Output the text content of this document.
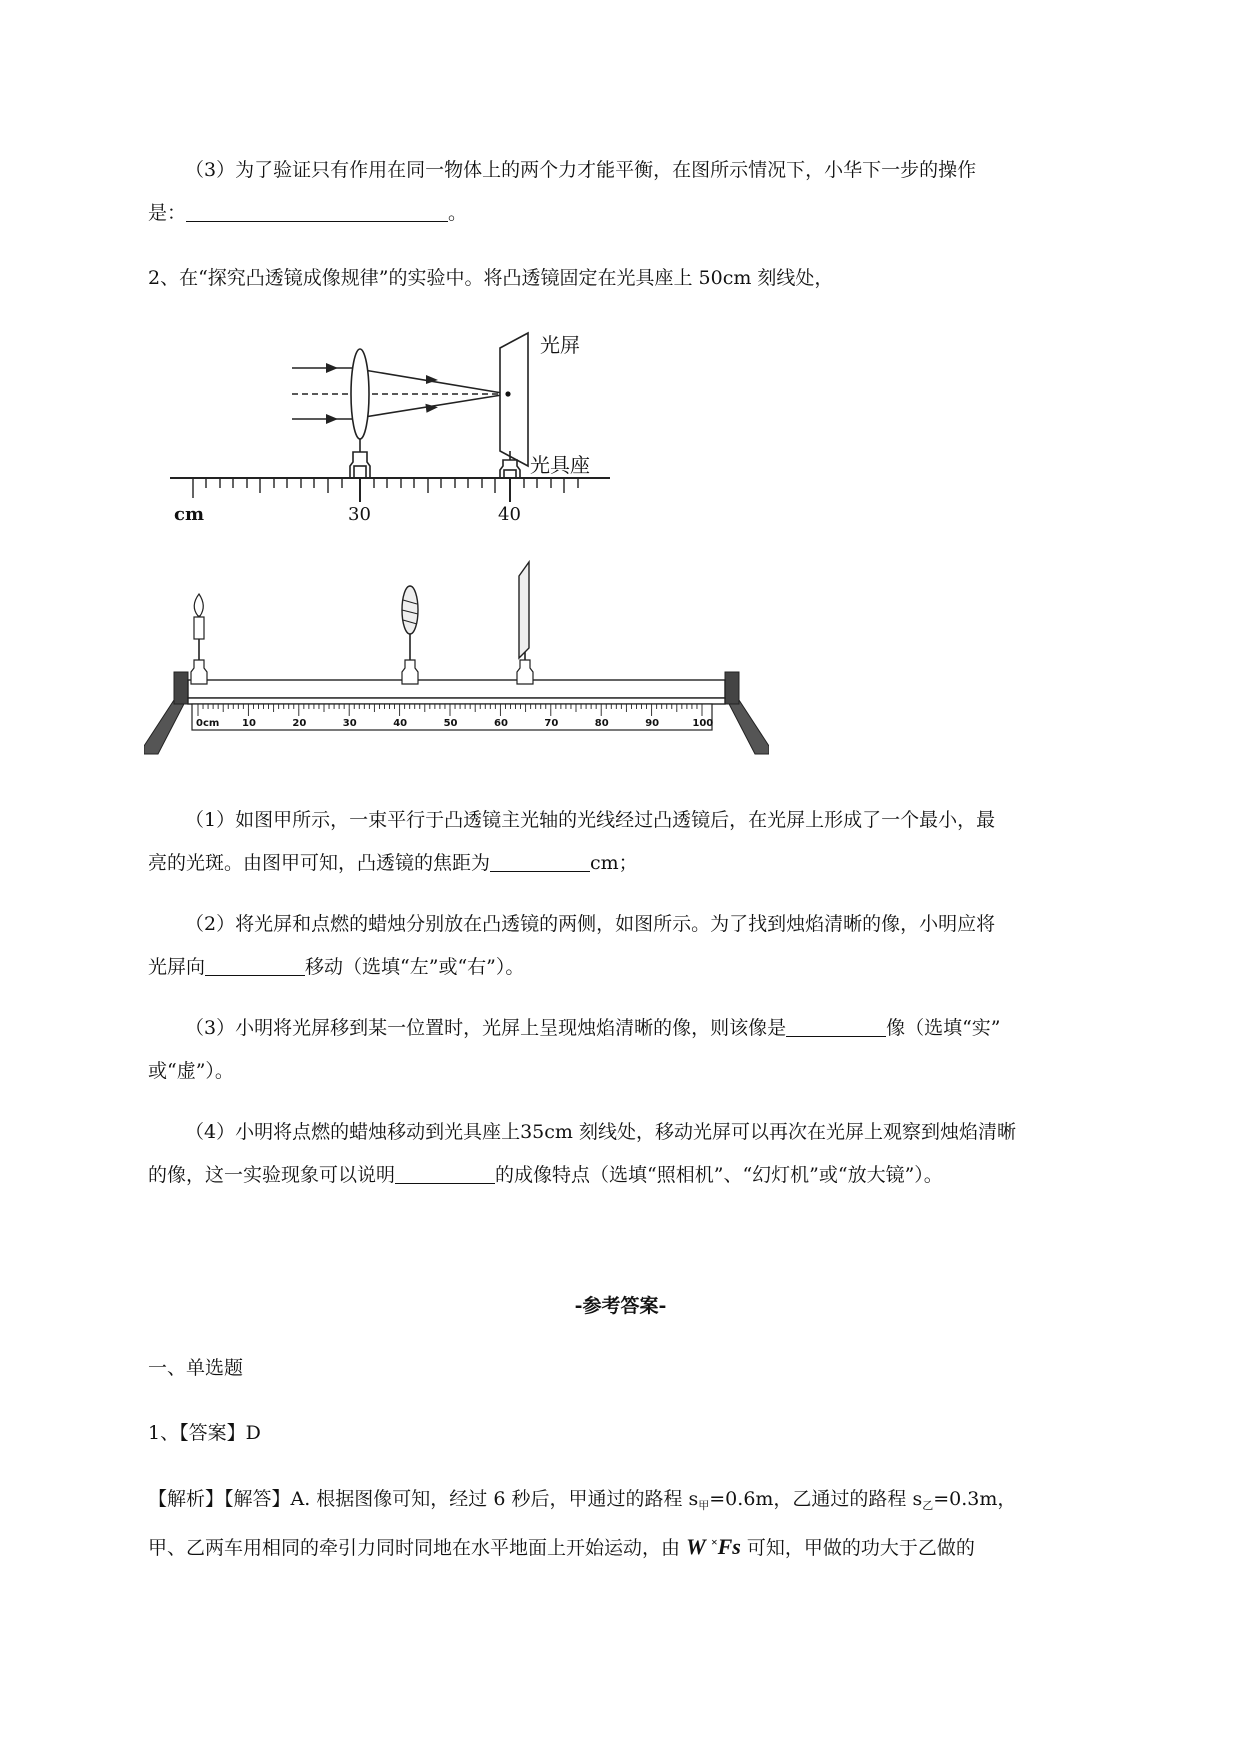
（3）为了验证只有作用在同一物体上的两个力才能平衡，在图所示情况下，小华下一步的操作
是：	。
2、在“探究凸透镜成像规律”的实验中。将凸透镜固定在光具座上 50cm 刻线处，
光屏
光具座
cm	30	40
0cm 10	20	30	40	50	60	70	80	90	100
（1）如图甲所示，一束平行于凸透镜主光轴的光线经过凸透镜后，在光屏上形成了一个最小，最
亮的光斑。由图甲可知，凸透镜的焦距为	cm；
（2）将光屏和点燃的蜡烛分别放在凸透镜的两侧，如图所示。为了找到烛焰清晰的像，小明应将
光屏向	移动（选填“左”或“右”）。
（3）小明将光屏移到某一位置时，光屏上呈现烛焰清晰的像，则该像是	像（选填“实”
或“虚”）。
（4）小明将点燃的蜡烛移动到光具座上35cm 刻线处，移动光屏可以再次在光屏上观察到烛焰清晰
的像，这一实验现象可以说明	的成像特点（选填“照相机”、“幻灯机”或“放大镜”）。
-参考答案-
一、单选题
1、【答案】D
【解析】【解答】A. 根据图像可知，经过 6 秒后，甲通过的路程 $s_甲=0.6m$，乙通过的路程 $s_乙=0.3m$，
甲、乙两车用相同的牵引力同时同地在水平地面上开始运动，由 W ×Fs 可知，甲做的功大于乙做的
